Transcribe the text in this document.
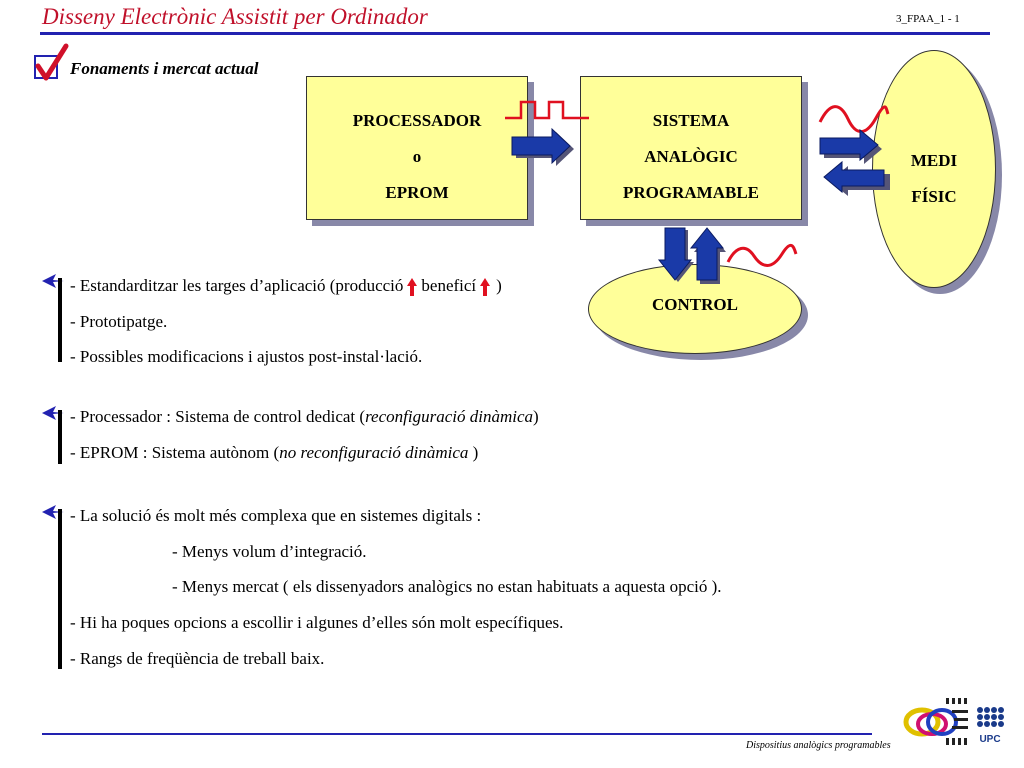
Disseny Electrònic Assistit per Ordinador	3_FPAA_1 - 1
Fonaments i mercat actual
PROCESSADOR
o
EPROM
SISTEMA
ANALÒGIC
PROGRAMABLE
MEDI
FÍSIC
CONTROL
- Estandarditzar les targes d’aplicació (producció beneficí )
- Prototipatge.
- Possibles modificacions i ajustos post-instal·lació.
- Processador : Sistema de control dedicat (reconfiguració dinàmica)
- EPROM : Sistema autònom (no reconfiguració dinàmica )
- La solució és molt més complexa que en sistemes digitals :
- Menys volum d’integració.
- Menys mercat ( els dissenyadors analògics no estan habituats a aquesta opció ).
- Hi ha poques opcions a escollir i algunes d’elles són molt específiques.
- Rangs de freqüència de treball baix.
Dispositius analògics programables
UPC
